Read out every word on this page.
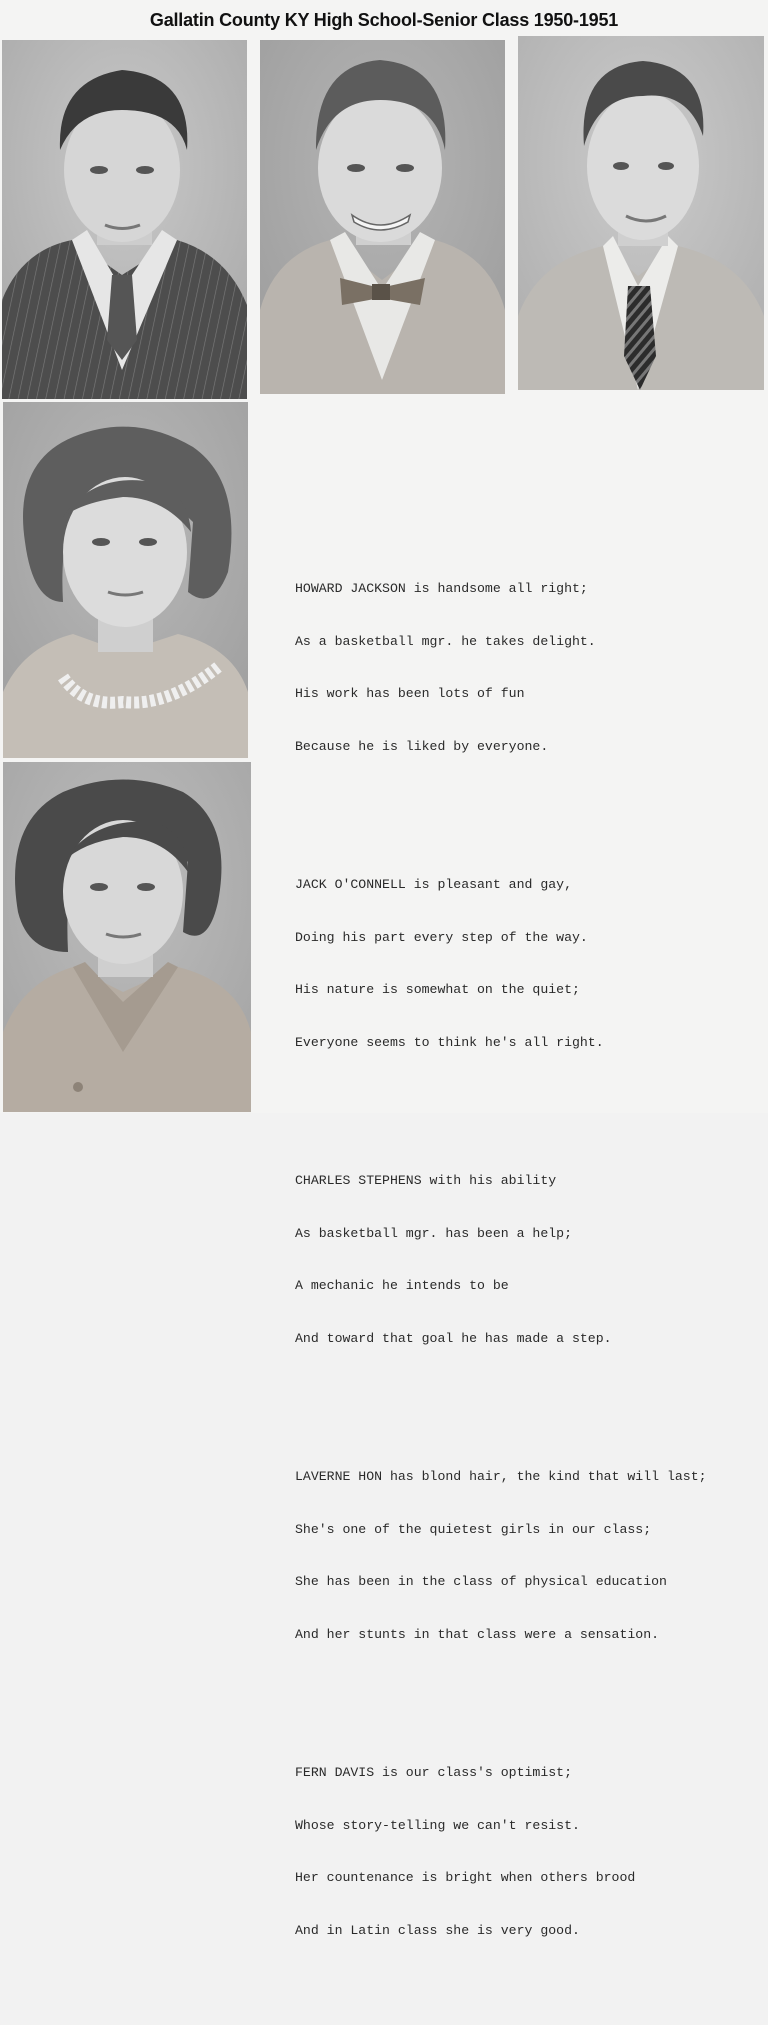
Gallatin County KY High School-Senior Class 1950-1951

HOWARD JACKSON is handsome all right;

As a basketball mgr. he takes delight.

His work has been lots of fun

Because he is liked by everyone.

JACK O'CONNELL is pleasant and gay,

Doing his part every step of the way.

His nature is somewhat on the quiet;

Everyone seems to think he's all right.

CHARLES STEPHENS with his ability

As basketball mgr. has been a help;

A mechanic he intends to be

And toward that goal he has made a step.

LAVERNE HON has blond hair, the kind that will last;

She's one of the quietest girls in our class;

She has been in the class of physical education

And her stunts in that class were a sensation.

FERN DAVIS is our class's optimist;

Whose story-telling we can't resist.

Her countenance is bright when others brood

And in Latin class she is very good.
